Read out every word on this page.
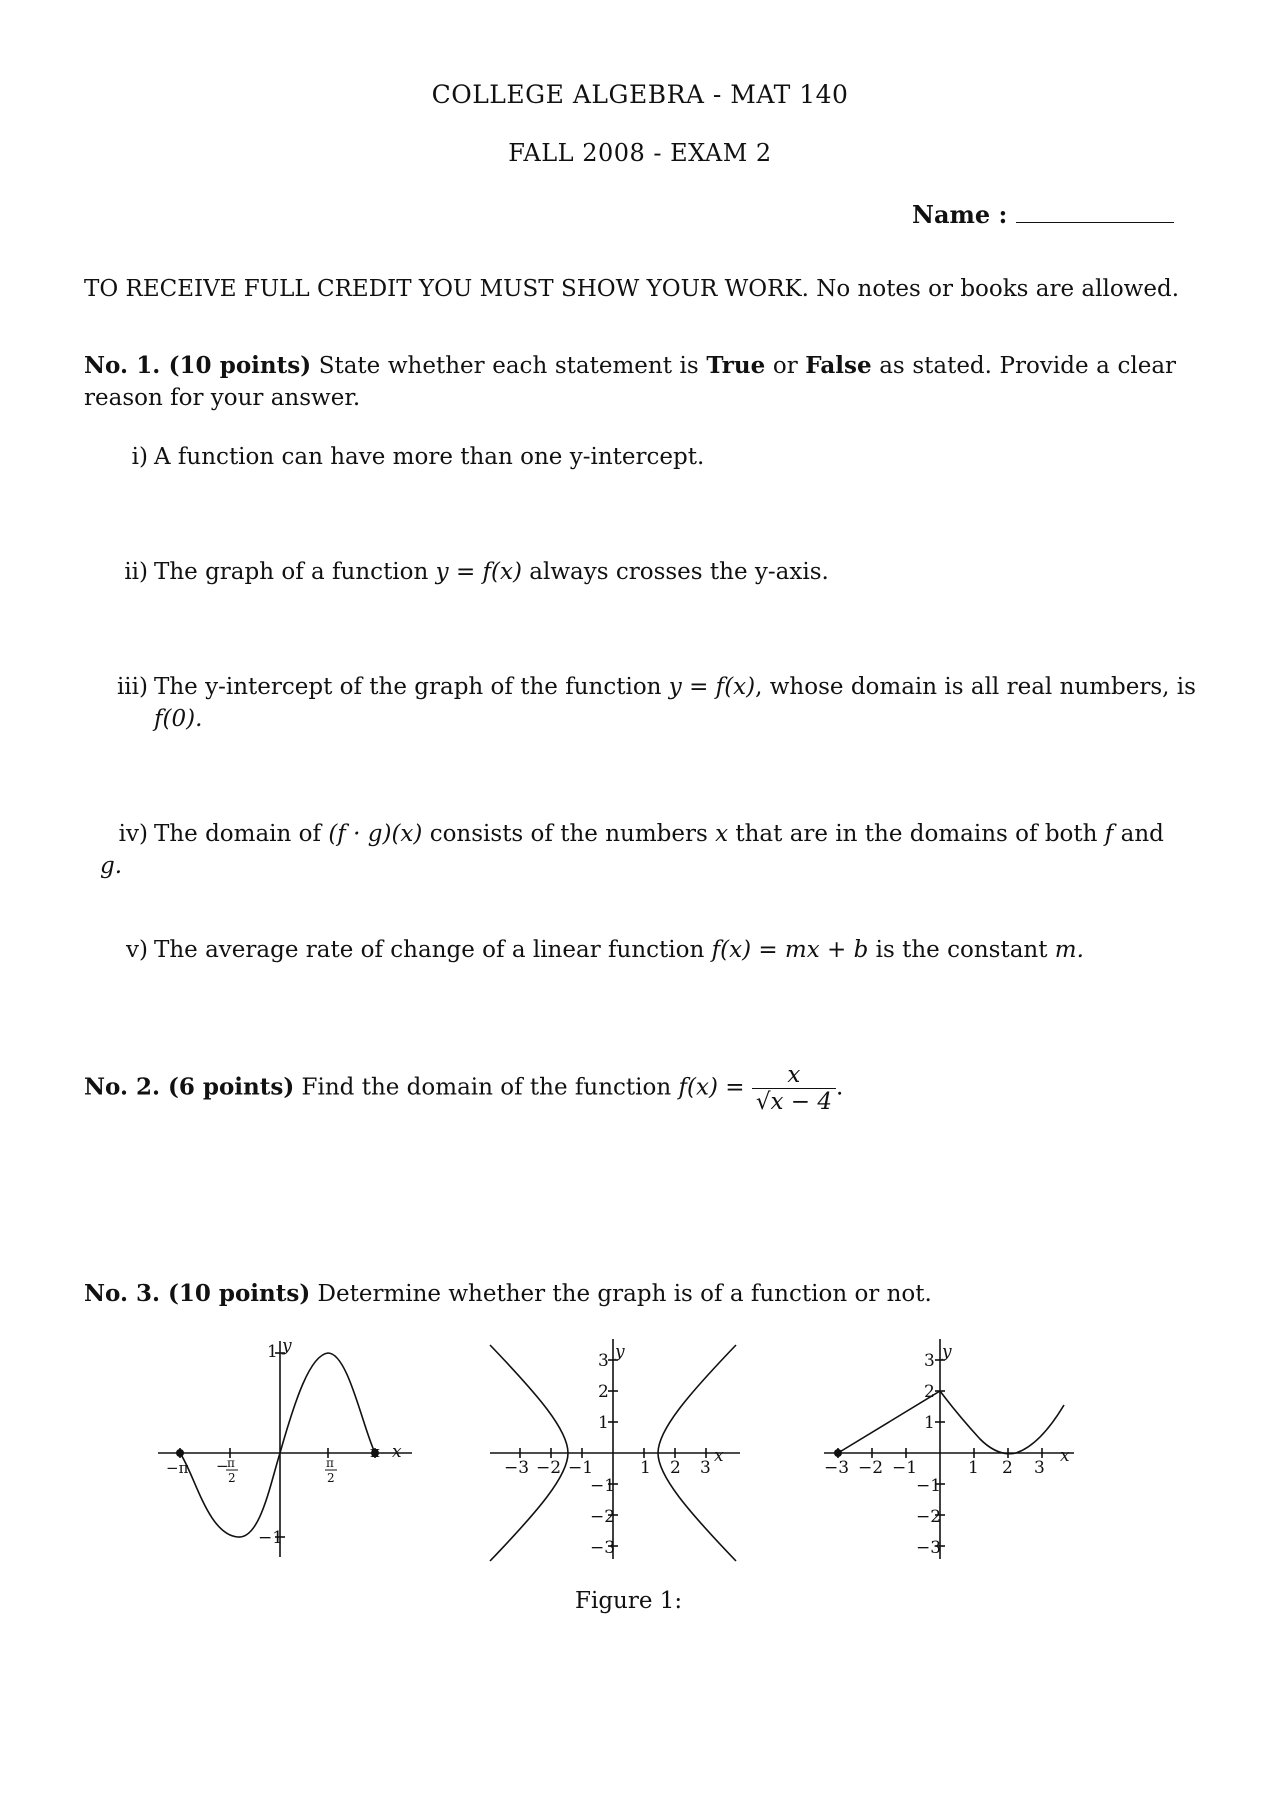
COLLEGE ALGEBRA - MAT 140
FALL 2008 - EXAM 2
Name :
TO RECEIVE FULL CREDIT YOU MUST SHOW YOUR WORK. No notes or books are allowed.
No. 1. (10 points) State whether each statement is True or False as stated. Provide a clear reason for your answer.
i) A function can have more than one y-intercept.
ii) The graph of a function y = f(x) always crosses the y-axis.
iii) The y-intercept of the graph of the function y = f(x), whose domain is all real numbers, is f(0).
iv) The domain of (f · g)(x) consists of the numbers x that are in the domains of both f and g.
v) The average rate of change of a linear function f(x) = mx + b is the constant m.
No. 2. (6 points) Find the domain of the function $f(x) = \frac{x}{√x - 4}$ .
No. 3. (10 points) Determine whether the graph is of a function or not.
1 y
−1
x
−π
π
−
π
2
π
2
3 y
2
1
−1
−2
−3
−3 −2 −1	1 2 3
x
3 y
2
1
−1
−2
−3
−3 −2 −1	1 2 3
x
Figure 1:
